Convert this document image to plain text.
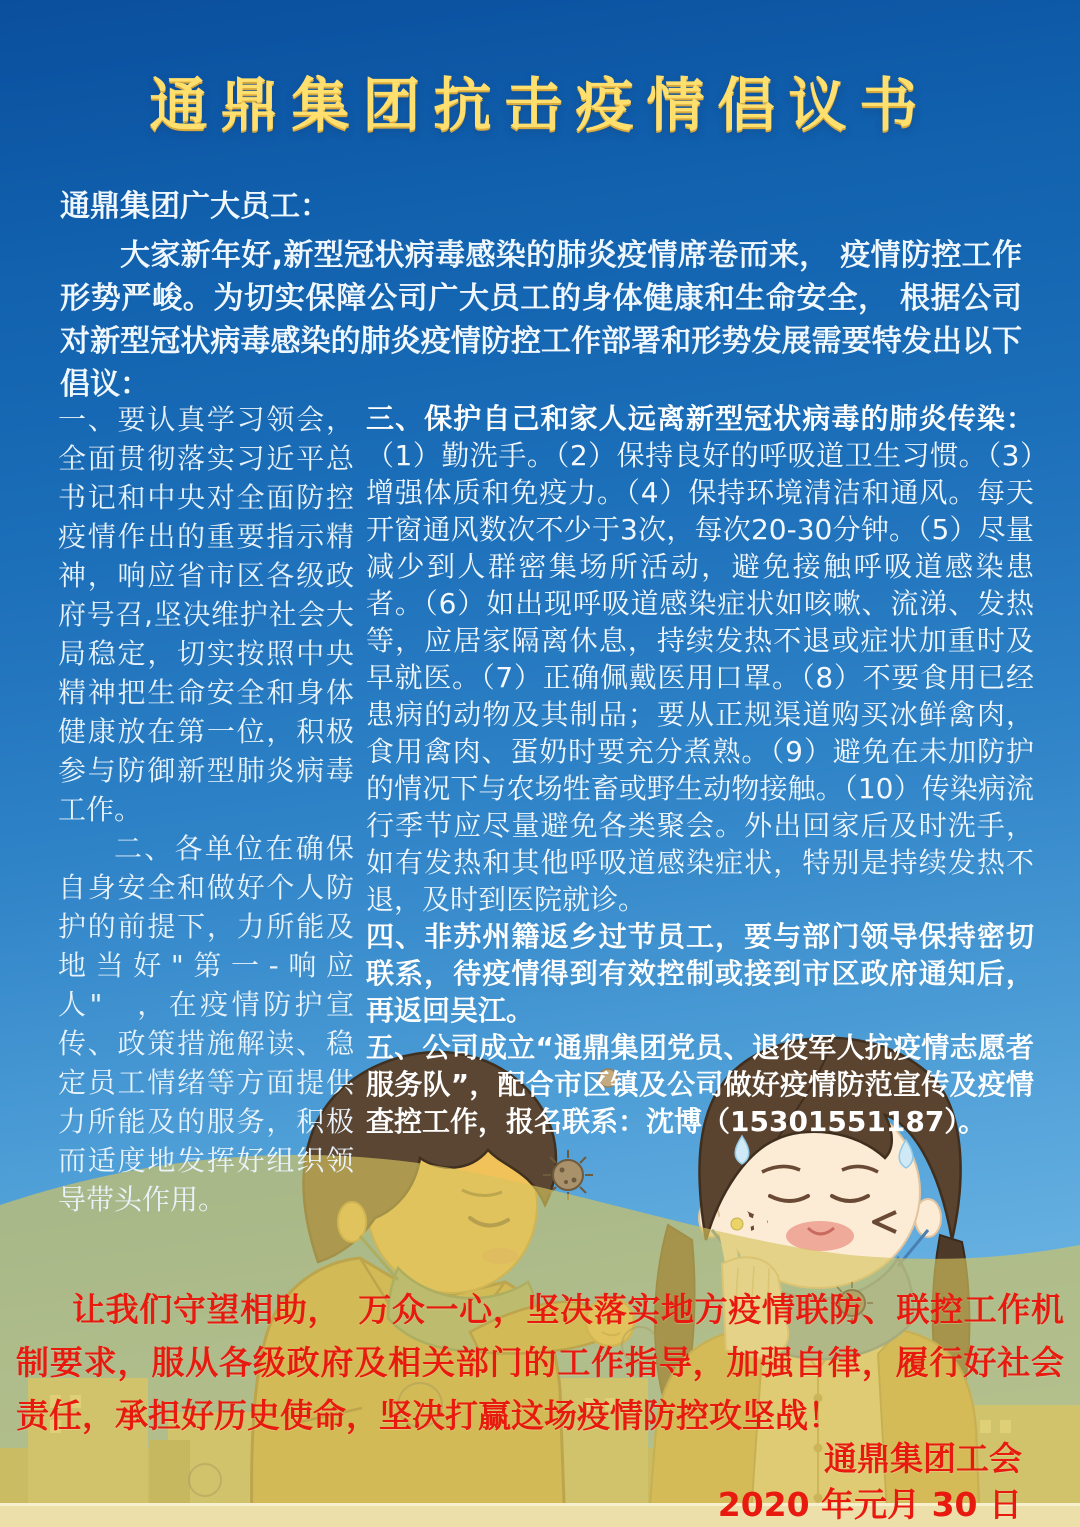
通鼎集团抗击疫情倡议书

通鼎集团广大员工：

大家新年好,新型冠状病毒感染的肺炎疫情席卷而来， 疫情防控工作形势严峻。为切实保障公司广大员工的身体健康和生命安全， 根据公司对新型冠状病毒感染的肺炎疫情防控工作部署和形势发展需要特发出以下倡议：

一、要认真学习领会，全面贯彻落实习近平总书记和中央对全面防控疫情作出的重要指示精神，响应省市区各级政府号召,坚决维护社会大局稳定，切实按照中央精神把生命安全和身体健康放在第一位，积极参与防御新型肺炎病毒工作。

二、各单位在确保自身安全和做好个人防护的前提下，力所能及地当好"第一-响应人"　，在疫情防护宣传、政策措施解读、稳定员工情绪等方面提供力所能及的服务，积极而适度地发挥好组织领导带头作用。

三、保护自己和家人远离新型冠状病毒的肺炎传染：（1）勤洗手。（2）保持良好的呼吸道卫生习惯。（3）增强体质和免疫力。（4）保持环境清洁和通风。每天开窗通风数次不少于3次，每次20-30分钟。（5）尽量减少到人群密集场所活动，避免接触呼吸道感染患者。（6）如出现呼吸道感染症状如咳嗽、流涕、发热等，应居家隔离休息，持续发热不退或症状加重时及早就医。（7）正确佩戴医用口罩。（8）不要食用已经患病的动物及其制品；要从正规渠道购买冰鲜禽肉，食用禽肉、蛋奶时要充分煮熟。（9）避免在未加防护的情况下与农场牲畜或野生动物接触。（10）传染病流行季节应尽量避免各类聚会。外出回家后及时洗手，如有发热和其他呼吸道感染症状，特别是持续发热不退，及时到医院就诊。

四、非苏州籍返乡过节员工，要与部门领导保持密切联系，待疫情得到有效控制或接到市区政府通知后，再返回吴江。

五、公司成立“通鼎集团党员、退役军人抗疫情志愿者服务队”，配合市区镇及公司做好疫情防范宣传及疫情查控工作，报名联系：沈博（15301551187）。

让我们守望相助，　万众一心，坚决落实地方疫情联防、联控工作机制要求，服从各级政府及相关部门的工作指导，加强自律，履行好社会责任，承担好历史使命，坚决打赢这场疫情防控攻坚战！
通鼎集团工会
2020 年元月 30 日
